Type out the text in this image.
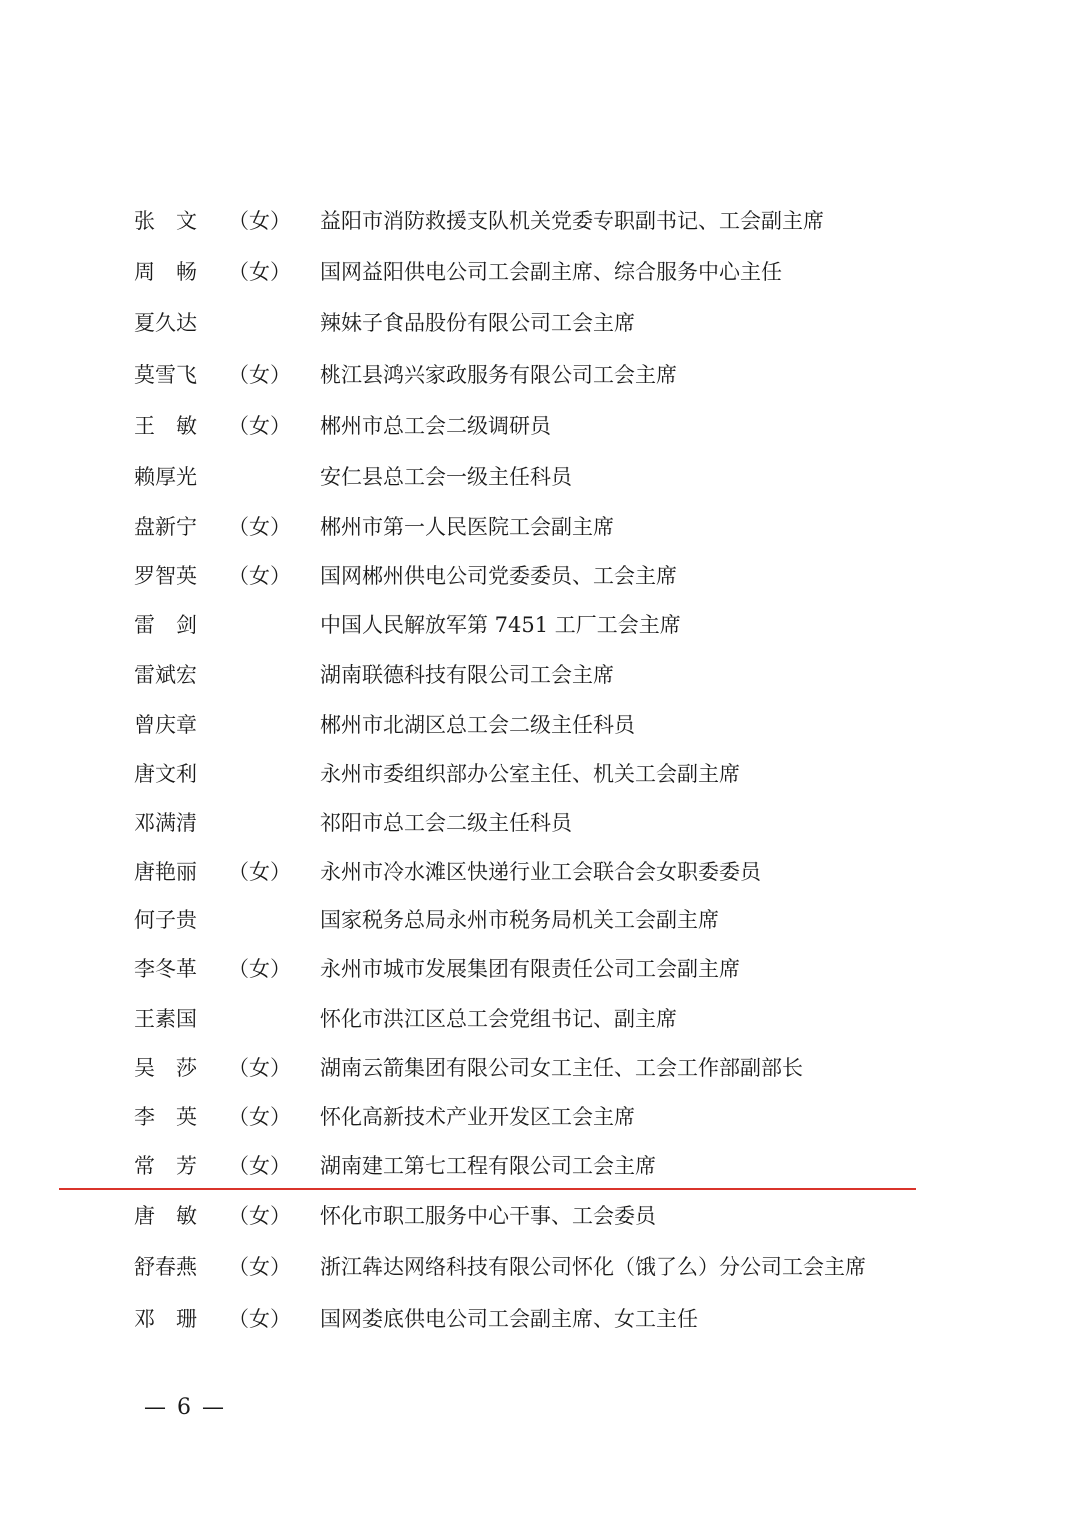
张　文	（女） 益阳市消防救援支队机关党委专职副书记、工会副主席
周　畅	（女） 国网益阳供电公司工会副主席、综合服务中心主任
夏久达	辣妹子食品股份有限公司工会主席
莫雪飞	（女） 桃江县鸿兴家政服务有限公司工会主席
王　敏	（女） 郴州市总工会二级调研员
赖厚光	安仁县总工会一级主任科员
盘新宁	（女） 郴州市第一人民医院工会副主席
罗智英	（女） 国网郴州供电公司党委委员、工会主席
雷　剑	中国人民解放军第 7451 工厂工会主席
雷斌宏	湖南联德科技有限公司工会主席
曾庆章	郴州市北湖区总工会二级主任科员
唐文利	永州市委组织部办公室主任、机关工会副主席
邓满清	祁阳市总工会二级主任科员
唐艳丽	（女） 永州市冷水滩区快递行业工会联合会女职委委员
何子贵	国家税务总局永州市税务局机关工会副主席
李冬革	（女） 永州市城市发展集团有限责任公司工会副主席
王素国	怀化市洪江区总工会党组书记、副主席
吴　莎	（女） 湖南云箭集团有限公司女工主任、工会工作部副部长
李　英	（女） 怀化高新技术产业开发区工会主席
常　芳	（女） 湖南建工第七工程有限公司工会主席
唐　敏	（女） 怀化市职工服务中心干事、工会委员
舒春燕	（女） 浙江犇达网络科技有限公司怀化（饿了么）分公司工会主席
邓　珊	（女） 国网娄底供电公司工会副主席、女工主任
— 6 —
